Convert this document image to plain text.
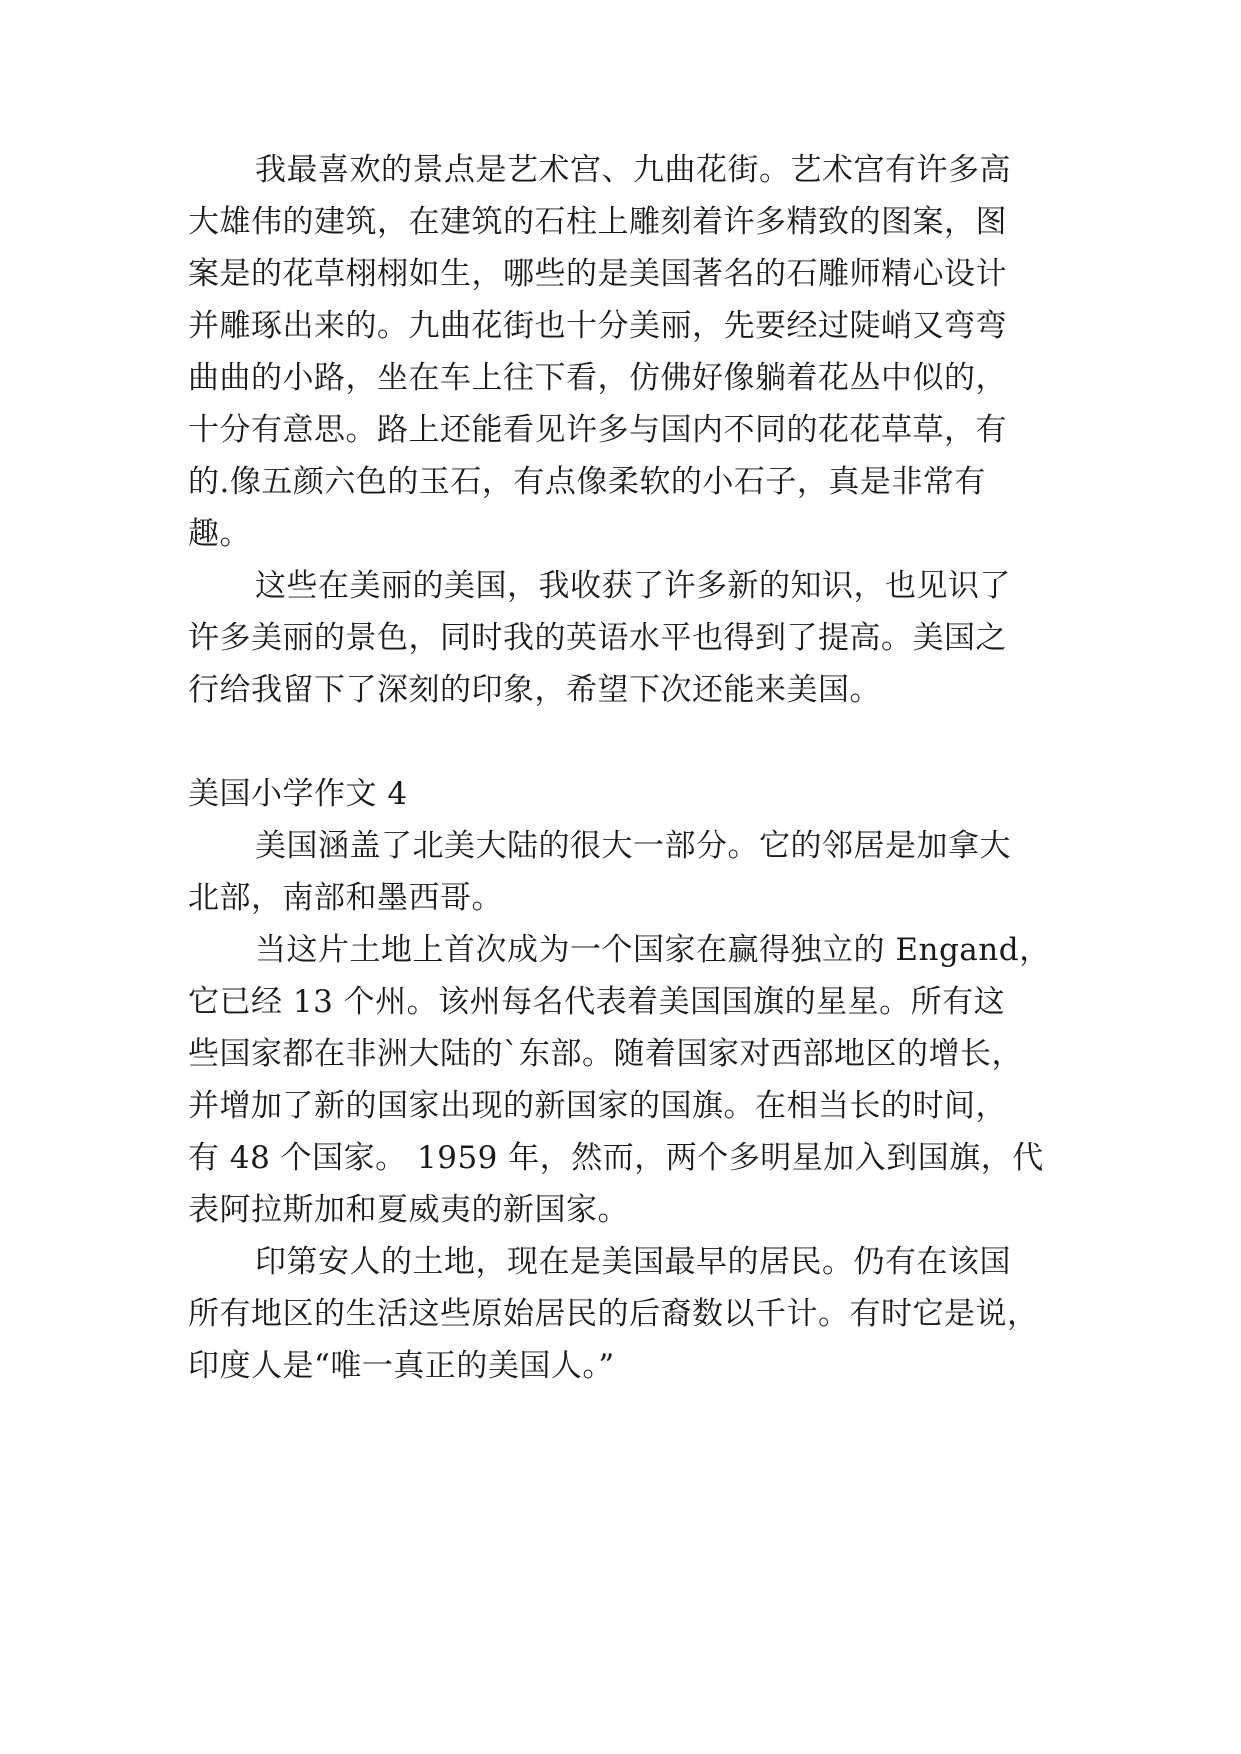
我最喜欢的景点是艺术宫、九曲花街。艺术宫有许多高
大雄伟的建筑，在建筑的石柱上雕刻着许多精致的图案，图
案是的花草栩栩如生，哪些的是美国著名的石雕师精心设计
并雕琢出来的。九曲花街也十分美丽，先要经过陡峭又弯弯
曲曲的小路，坐在车上往下看，仿佛好像躺着花丛中似的，
十分有意思。路上还能看见许多与国内不同的花花草草，有
的.像五颜六色的玉石，有点像柔软的小石子，真是非常有
趣。
这些在美丽的美国，我收获了许多新的知识，也见识了
许多美丽的景色，同时我的英语水平也得到了提高。美国之
行给我留下了深刻的印象，希望下次还能来美国。
美国小学作文 4
美国涵盖了北美大陆的很大一部分。它的邻居是加拿大
北部，南部和墨西哥。
当这片土地上首次成为一个国家在赢得独立的 Engand，
它已经 13 个州。该州每名代表着美国国旗的星星。所有这
些国家都在非洲大陆的`东部。随着国家对西部地区的增长，
并增加了新的国家出现的新国家的国旗。在相当长的时间，
有 48 个国家。 1959 年，然而，两个多明星加入到国旗，代
表阿拉斯加和夏威夷的新国家。
印第安人的土地，现在是美国最早的居民。仍有在该国
所有地区的生活这些原始居民的后裔数以千计。有时它是说，
印度人是“唯一真正的美国人。”
